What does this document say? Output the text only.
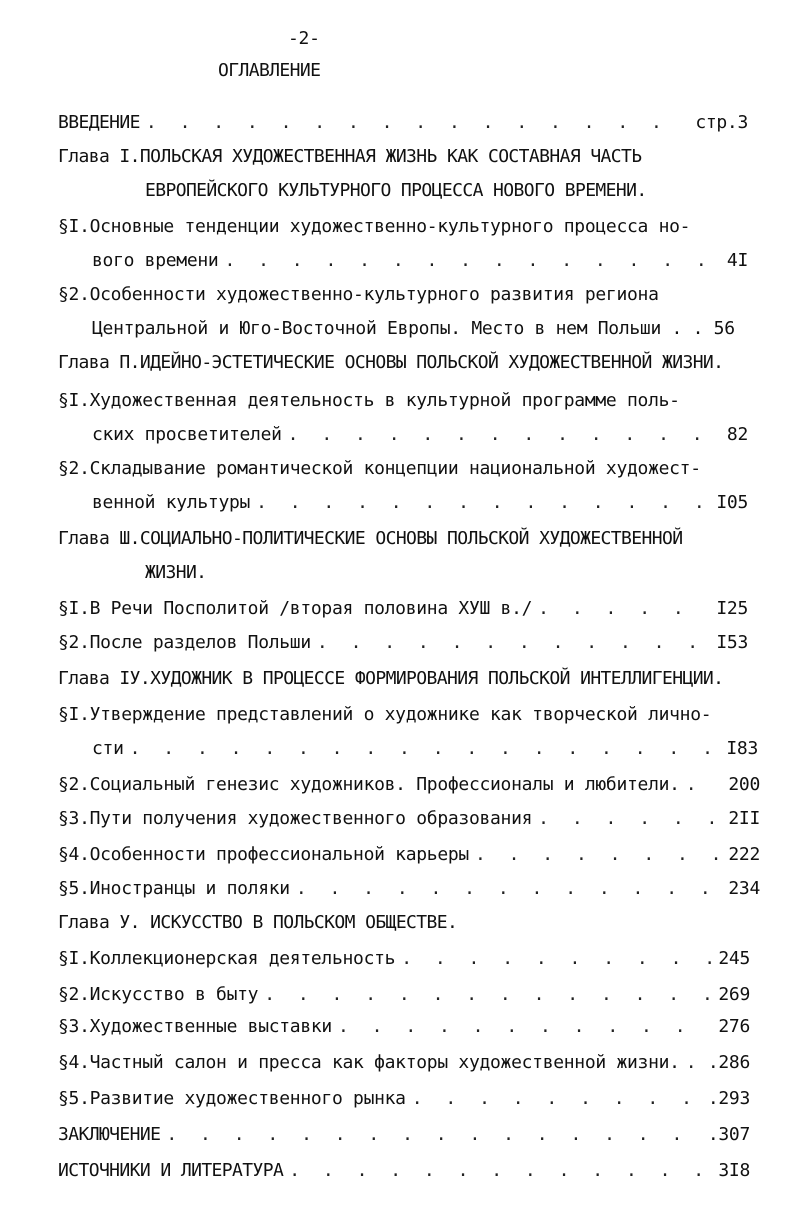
-2-
ОГЛАВЛЕНИЕ
ВВЕДЕНИЕ . . .	стр.3
Глава I.ПОЛЬСКАЯ ХУДОЖЕСТВЕННАЯ ЖИЗНЬ КАК СОСТАВНАЯ ЧАСТЬ
ЕВРОПЕЙСКОГО КУЛЬТУРНОГО ПРОЦЕССА НОВОГО ВРЕМЕНИ.
§I.Основные тенденции художественно-культурного процесса но-
вого времени . . .	4I
§2.Особенности художественно-культурного развития региона
Центральной и Юго-Восточной Европы. Место в нем Польши . . 56
Глава П.ИДЕЙНО-ЭСТЕТИЧЕСКИЕ ОСНОВЫ ПОЛЬСКОЙ ХУДОЖЕСТВЕННОЙ ЖИЗНИ.
§I.Художественная деятельность в культурной программе поль-
ских просветителей . . .	82
§2.Складывание романтической концепции национальной художест-
венной культуры . . .	I05
Глава Ш.СОЦИАЛЬНО-ПОЛИТИЧЕСКИЕ ОСНОВЫ ПОЛЬСКОЙ ХУДОЖЕСТВЕННОЙ
ЖИЗНИ.
§I.В Речи Посполитой /вторая половина ХУШ в./ . . .	I25
§2.После разделов Польши . . .	I53
Глава IУ.ХУДОЖНИК В ПРОЦЕССЕ ФОРМИРОВАНИЯ ПОЛЬСКОЙ ИНТЕЛЛИГЕНЦИИ.
§I.Утверждение представлений о художнике как творческой лично-
сти . . .	I83
§2.Социальный генезис художников. Профессионалы и любители. . . .	200
§3.Пути получения художественного образования . . .	2II
§4.Особенности профессиональной карьеры . . .	222
§5.Иностранцы и поляки . . .	234
Глава У. ИСКУССТВО В ПОЛЬСКОМ ОБЩЕСТВЕ.
§I.Коллекционерская деятельность . . .	245
§2.Искусство в быту . . .	269
§3.Художественные выставки . . .	276
§4.Частный салон и пресса как факторы художественной жизни. . . . .286
§5.Развитие художественного рынка . . .	.293
ЗАКЛЮЧЕНИЕ . . .	.307
ИСТОЧНИКИ И ЛИТЕРАТУРА . . .	3I8
